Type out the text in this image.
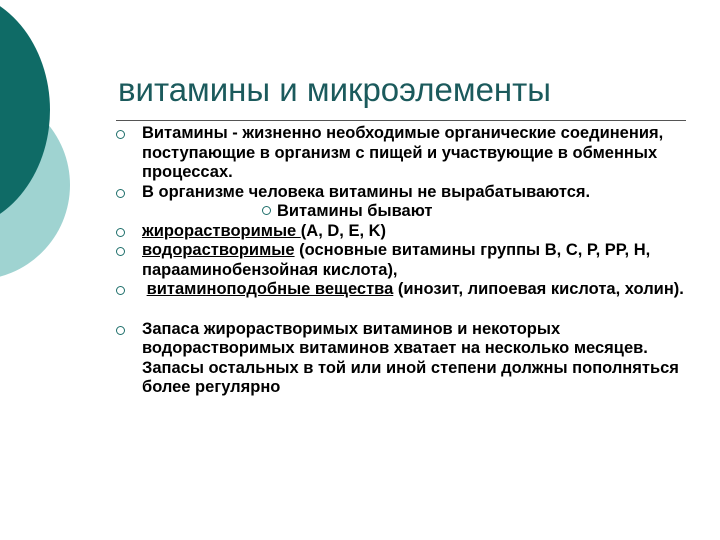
витамины и микроэлементы

Витамины - жизненно необходимые органические соединения, поступающие в организм с пищей и участвующие в обменных процессах.

В организме человека витамины не вырабатываются.

Витамины бывают

жирорастворимые (А, D, E, K)

водорастворимые (основные витамины группы В, С, Р, РР, Н, парааминобензойная кислота),

витаминоподобные вещества (инозит, липоевая кислота, холин).

Запаса жирорастворимых витаминов и некоторых водорастворимых витаминов хватает на несколько месяцев. Запасы остальных в той или иной степени должны пополняться более регулярно
